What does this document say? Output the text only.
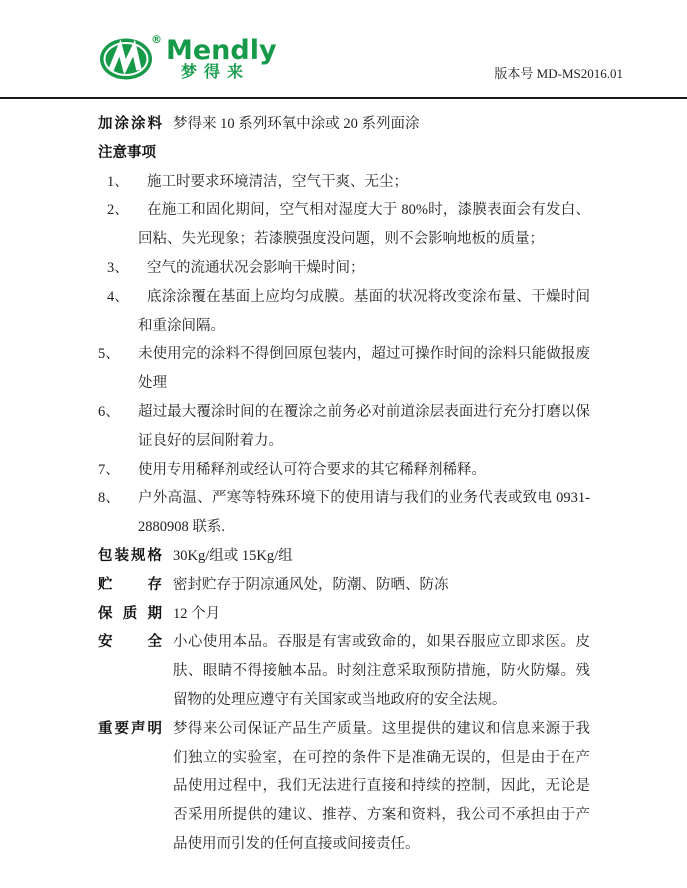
® Mendly
梦得来	版本号 MD-MS2016.01
加涂涂料 梦得来 10 系列环氧中涂或 20 系列面涂
注意事项
1、 施工时要求环境清洁，空气干爽、无尘；
2、 在施工和固化期间，空气相对湿度大于 80%时，漆膜表面会有发白、回粘、失光现象；若漆膜强度没问题，则不会影响地板的质量；
3、 空气的流通状况会影响干燥时间；
4、 底涂涂覆在基面上应均匀成膜。基面的状况将改变涂布量、干燥时间和重涂间隔。
5、 未使用完的涂料不得倒回原包装内，超过可操作时间的涂料只能做报废处理
6、 超过最大覆涂时间的在覆涂之前务必对前道涂层表面进行充分打磨以保证良好的层间附着力。
7、 使用专用稀释剂或经认可符合要求的其它稀释剂稀释。
8、 户外高温、严寒等特殊环境下的使用请与我们的业务代表或致电 0931-2880908 联系.
包装规格 30Kg/组或 15Kg/组
贮存 密封贮存于阴凉通风处，防潮、防晒、防冻
保质期 12 个月
安全 小心使用本品。吞服是有害或致命的，如果吞服应立即求医。皮肤、眼睛不得接触本品。时刻注意采取预防措施，防火防爆。残留物的处理应遵守有关国家或当地政府的安全法规。
重要声明 梦得来公司保证产品生产质量。这里提供的建议和信息来源于我们独立的实验室，在可控的条件下是准确无误的，但是由于在产品使用过程中，我们无法进行直接和持续的控制，因此，无论是否采用所提供的建议、推荐、方案和资料，我公司不承担由于产品使用而引发的任何直接或间接责任。
